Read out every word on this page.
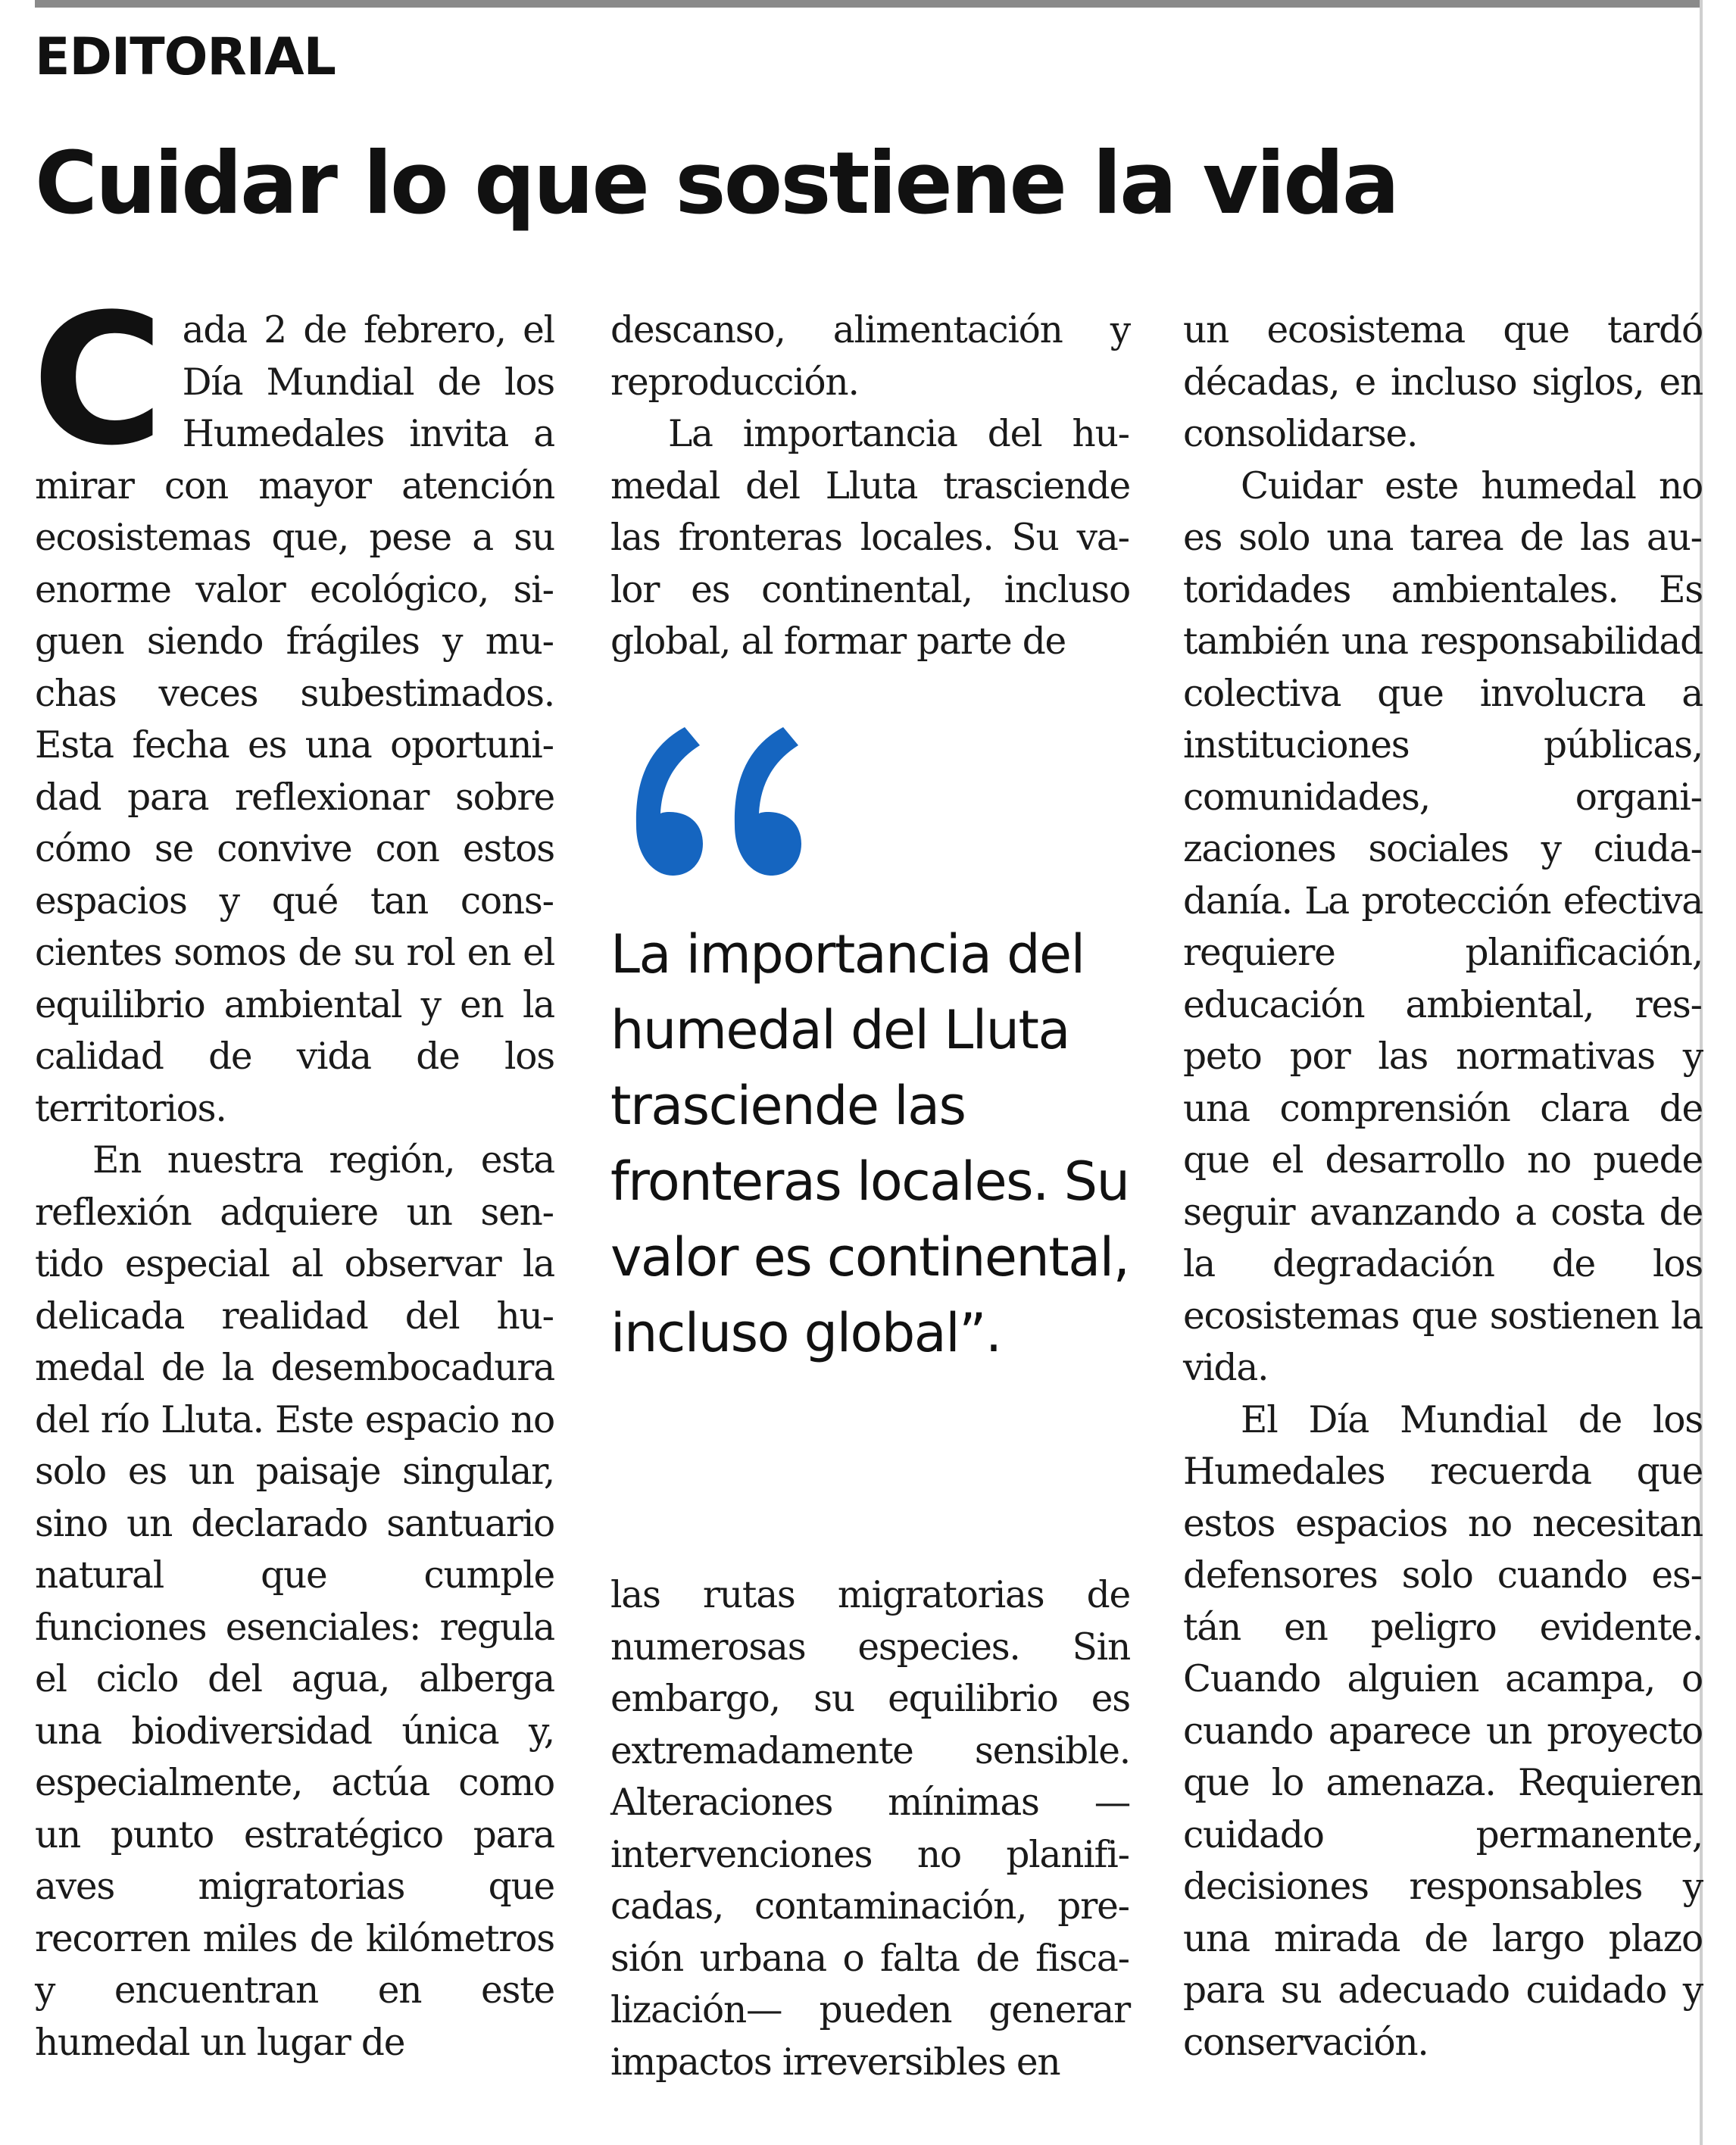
EDITORIAL
Cuidar lo que sostiene la vida

Cada 2 de febrero, el Día Mundial de los Humedales invita a mirar con mayor atención ecosistemas que, pese a su enorme valor ecológico, siguen siendo frágiles y muchas veces subestimados. Esta fecha es una oportunidad para reflexionar sobre cómo se convive con estos espacios y qué tan conscientes somos de su rol en el equilibrio ambiental y en la calidad de vida de los territorios.

En nuestra región, esta reflexión adquiere un sentido especial al observar la delicada realidad del humedal de la desembocadura del río Lluta. Este espacio no solo es un paisaje singular, sino un declarado santuario natural que cumple funciones esenciales: regula el ciclo del agua, alberga una biodiversidad única y, especialmente, actúa como un punto estratégico para aves migratorias que recorren miles de kilómetros y encuentran en este humedal un lugar de

descanso, alimentación y reproducción.

La importancia del humedal del Lluta trasciende las fronteras locales. Su valor es continental, incluso global, al formar parte de

La importancia del humedal del Lluta trasciende las fronteras locales. Su valor es continental, incluso global”.

las rutas migratorias de numerosas especies. Sin embargo, su equilibrio es extremadamente sensible. Alteraciones mínimas — intervenciones no planificadas, contaminación, presión urbana o falta de fiscalización— pueden generar impactos irreversibles en

un ecosistema que tardó décadas, e incluso siglos, en consolidarse.

Cuidar este humedal no es solo una tarea de las autoridades ambientales. Es también una responsabilidad colectiva que involucra a instituciones públicas, comunidades, organizaciones sociales y ciudadanía. La protección efectiva requiere planificación, educación ambiental, respeto por las normativas y una comprensión clara de que el desarrollo no puede seguir avanzando a costa de la degradación de los ecosistemas que sostienen la vida.

El Día Mundial de los Humedales recuerda que estos espacios no necesitan defensores solo cuando están en peligro evidente. Cuando alguien acampa, o cuando aparece un proyecto que lo amenaza. Requieren cuidado permanente, decisiones responsables y una mirada de largo plazo para su adecuado cuidado y conservación.
